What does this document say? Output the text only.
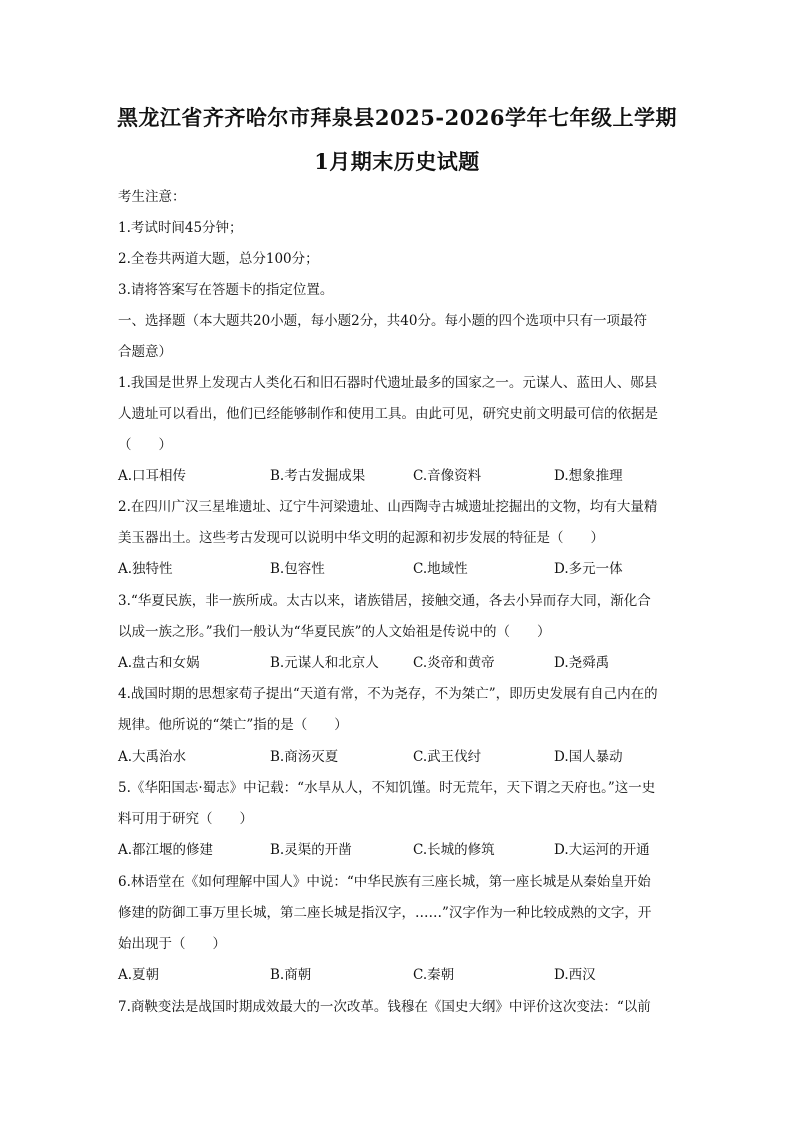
黑龙江省齐齐哈尔市拜泉县2025-2026学年七年级上学期
1月期末历史试题
考生注意：
1.考试时间45分钟；
2.全卷共两道大题，总分100分；
3.请将答案写在答题卡的指定位置。
一、选择题（本大题共20小题，每小题2分，共40分。每小题的四个选项中只有一项最符
合题意）
1.我国是世界上发现古人类化石和旧石器时代遗址最多的国家之一。元谋人、蓝田人、郧县
人遗址可以看出，他们已经能够制作和使用工具。由此可见，研究史前文明最可信的依据是
（　　）
A.口耳相传	B.考古发掘成果	C.音像资料	D.想象推理
2.在四川广汉三星堆遗址、辽宁牛河梁遗址、山西陶寺古城遗址挖掘出的文物，均有大量精
美玉器出土。这些考古发现可以说明中华文明的起源和初步发展的特征是（　　）
A.独特性	B.包容性	C.地域性	D.多元一体
3.“华夏民族，非一族所成。太古以来，诸族错居，接触交通，各去小异而存大同，渐化合
以成一族之形。”我们一般认为“华夏民族”的人文始祖是传说中的（　　）
A.盘古和女娲	B.元谋人和北京人	C.炎帝和黄帝	D.尧舜禹
4.战国时期的思想家荀子提出“天道有常，不为尧存，不为桀亡”，即历史发展有自己内在的
规律。他所说的“桀亡”指的是（　　）
A.大禹治水	B.商汤灭夏	C.武王伐纣	D.国人暴动
5.《华阳国志·蜀志》中记载：“水旱从人，不知饥馑。时无荒年，天下谓之天府也。”这一史
料可用于研究（　　）
A.都江堰的修建	B.灵渠的开凿	C.长城的修筑	D.大运河的开通
6.林语堂在《如何理解中国人》中说：“中华民族有三座长城，第一座长城是从秦始皇开始
修建的防御工事万里长城，第二座长城是指汉字，……”汉字作为一种比较成熟的文字，开
始出现于（　　）
A.夏朝	B.商朝	C.秦朝	D.西汉
7.商鞅变法是战国时期成效最大的一次改革。钱穆在《国史大纲》中评价这次变法：“以前
